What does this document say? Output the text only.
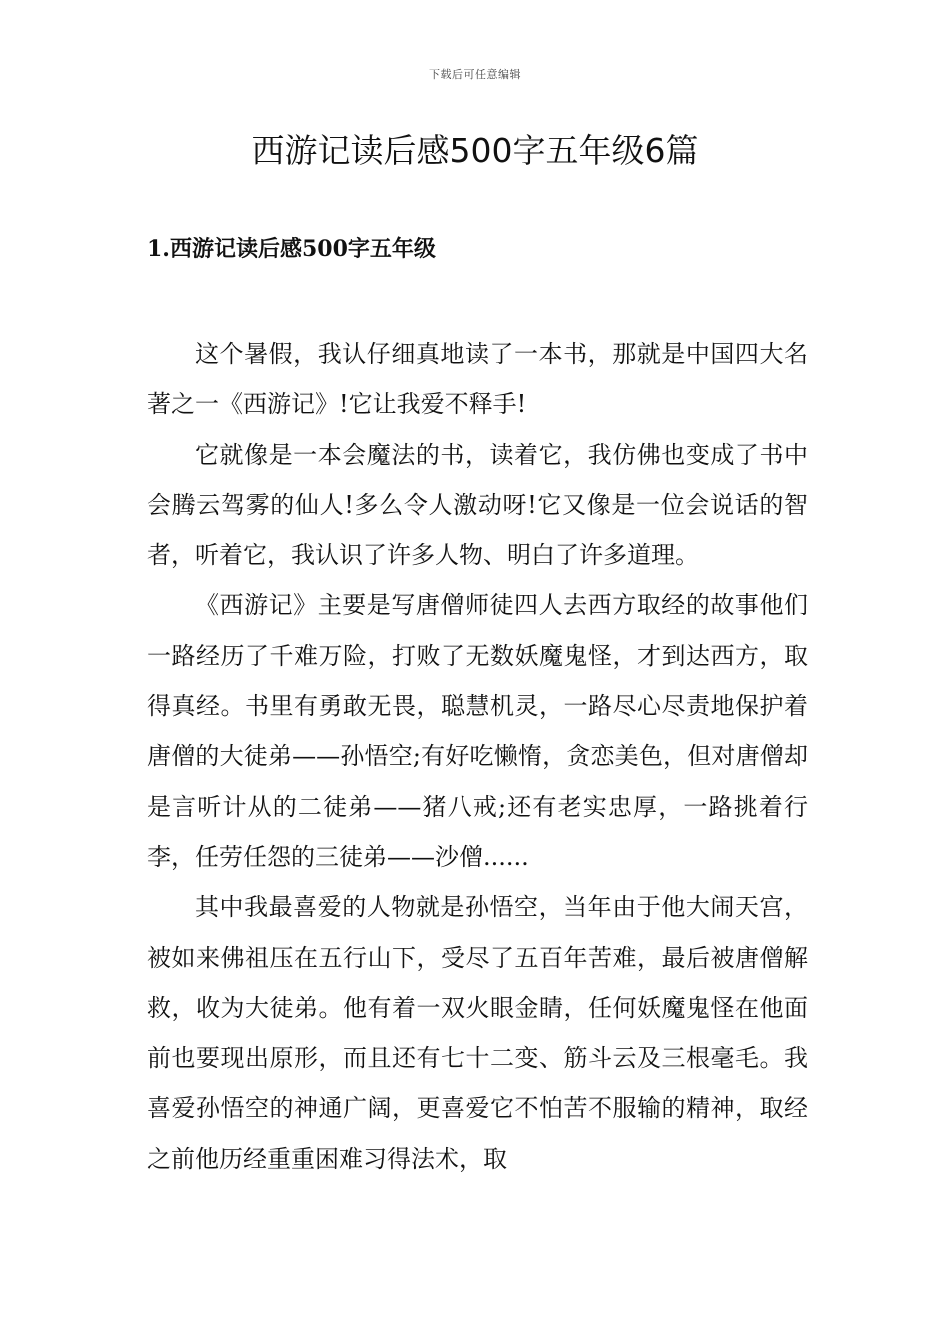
下载后可任意编辑
西游记读后感500字五年级6篇
1.西游记读后感500字五年级

这个暑假，我认仔细真地读了一本书，那就是中国四大名著之一《西游记》!它让我爱不释手!

它就像是一本会魔法的书，读着它，我仿佛也变成了书中会腾云驾雾的仙人!多么令人激动呀!它又像是一位会说话的智者，听着它，我认识了许多人物、明白了许多道理。

《西游记》主要是写唐僧师徒四人去西方取经的故事他们一路经历了千难万险，打败了无数妖魔鬼怪，才到达西方，取得真经。书里有勇敢无畏，聪慧机灵，一路尽心尽责地保护着唐僧的大徒弟——孙悟空;有好吃懒惰，贪恋美色，但对唐僧却是言听计从的二徒弟——猪八戒;还有老实忠厚，一路挑着行李，任劳任怨的三徒弟——沙僧......

其中我最喜爱的人物就是孙悟空，当年由于他大闹天宫，被如来佛祖压在五行山下，受尽了五百年苦难，最后被唐僧解救，收为大徒弟。他有着一双火眼金睛，任何妖魔鬼怪在他面前也要现出原形，而且还有七十二变、筋斗云及三根毫毛。我喜爱孙悟空的神通广阔，更喜爱它不怕苦不服输的精神，取经之前他历经重重困难习得法术，取
